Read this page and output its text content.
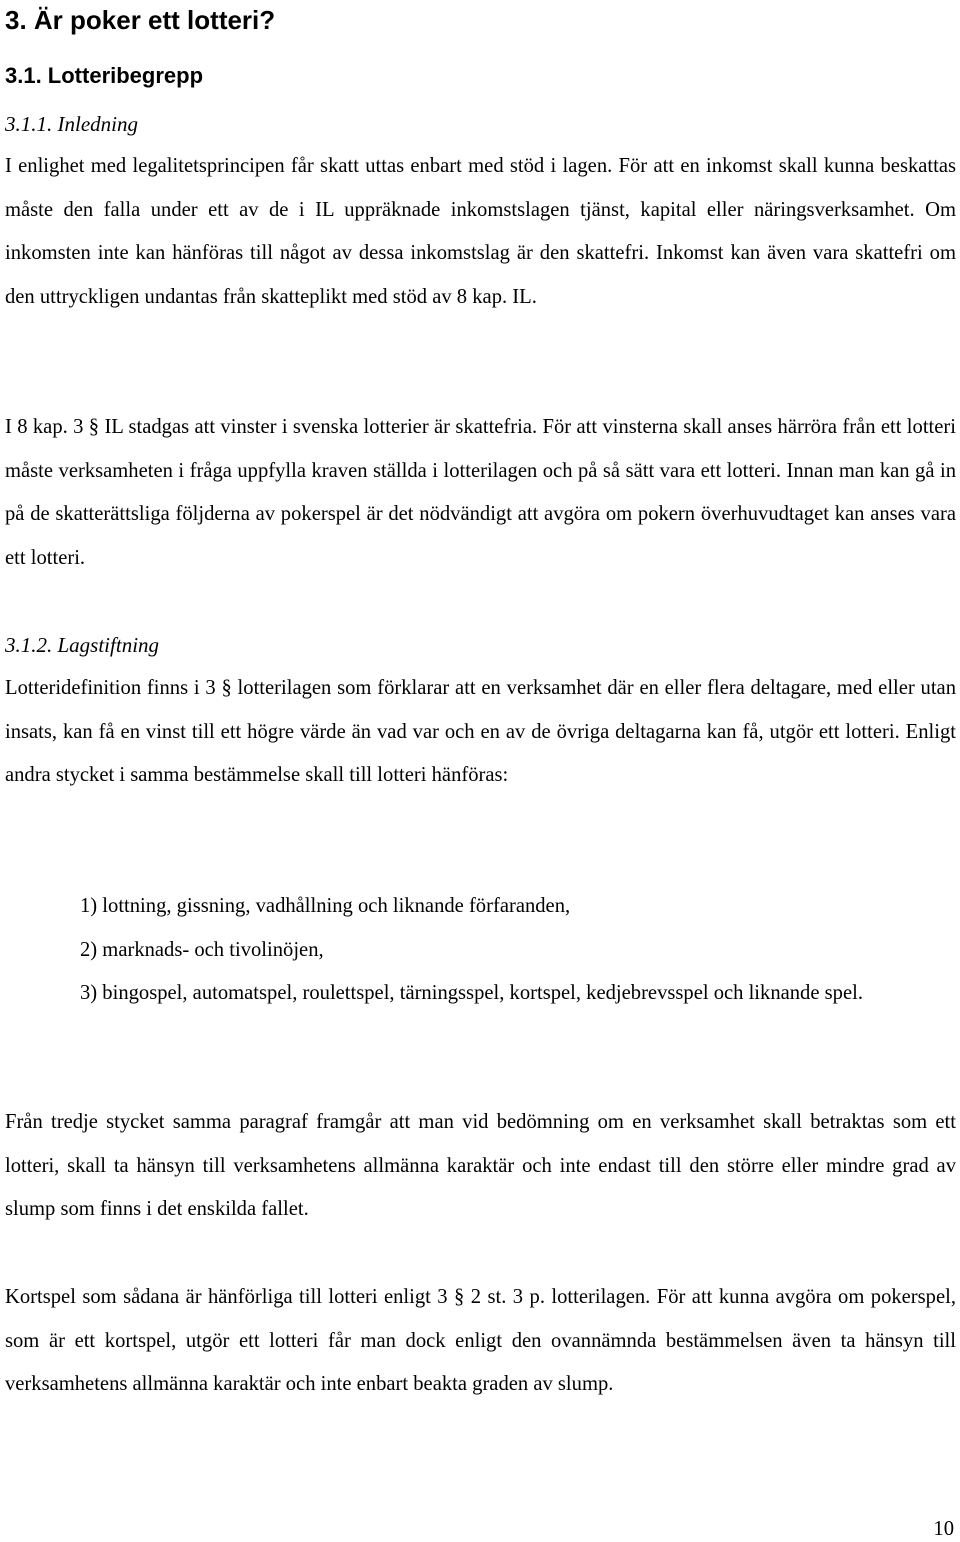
3. Är poker ett lotteri?
3.1. Lotteribegrepp
3.1.1. Inledning

I enlighet med legalitetsprincipen får skatt uttas enbart med stöd i lagen. För att en inkomst skall kunna beskattas måste den falla under ett av de i IL uppräknade inkomstslagen tjänst, kapital eller näringsverksamhet. Om inkomsten inte kan hänföras till något av dessa inkomstslag är den skattefri. Inkomst kan även vara skattefri om den uttryckligen undantas från skatteplikt med stöd av 8 kap. IL.

I 8 kap. 3 § IL stadgas att vinster i svenska lotterier är skattefria. För att vinsterna skall anses härröra från ett lotteri måste verksamheten i fråga uppfylla kraven ställda i lotterilagen och på så sätt vara ett lotteri. Innan man kan gå in på de skatterättsliga följderna av pokerspel är det nödvändigt att avgöra om pokern överhuvudtaget kan anses vara ett lotteri.

3.1.2. Lagstiftning

Lotteridefinition finns i 3 § lotterilagen som förklarar att en verksamhet där en eller flera deltagare, med eller utan insats, kan få en vinst till ett högre värde än vad var och en av de övriga deltagarna kan få, utgör ett lotteri. Enligt andra stycket i samma bestämmelse skall till lotteri hänföras:

1) lottning, gissning, vadhållning och liknande förfaranden,
2) marknads- och tivolinöjen,
3) bingospel, automatspel, roulettspel, tärningsspel, kortspel, kedjebrevsspel och liknande spel.

Från tredje stycket samma paragraf framgår att man vid bedömning om en verksamhet skall betraktas som ett lotteri, skall ta hänsyn till verksamhetens allmänna karaktär och inte endast till den större eller mindre grad av slump som finns i det enskilda fallet.

Kortspel som sådana är hänförliga till lotteri enligt 3 § 2 st. 3 p. lotterilagen. För att kunna avgöra om pokerspel, som är ett kortspel, utgör ett lotteri får man dock enligt den ovannämnda bestämmelsen även ta hänsyn till verksamhetens allmänna karaktär och inte enbart beakta graden av slump.

10
